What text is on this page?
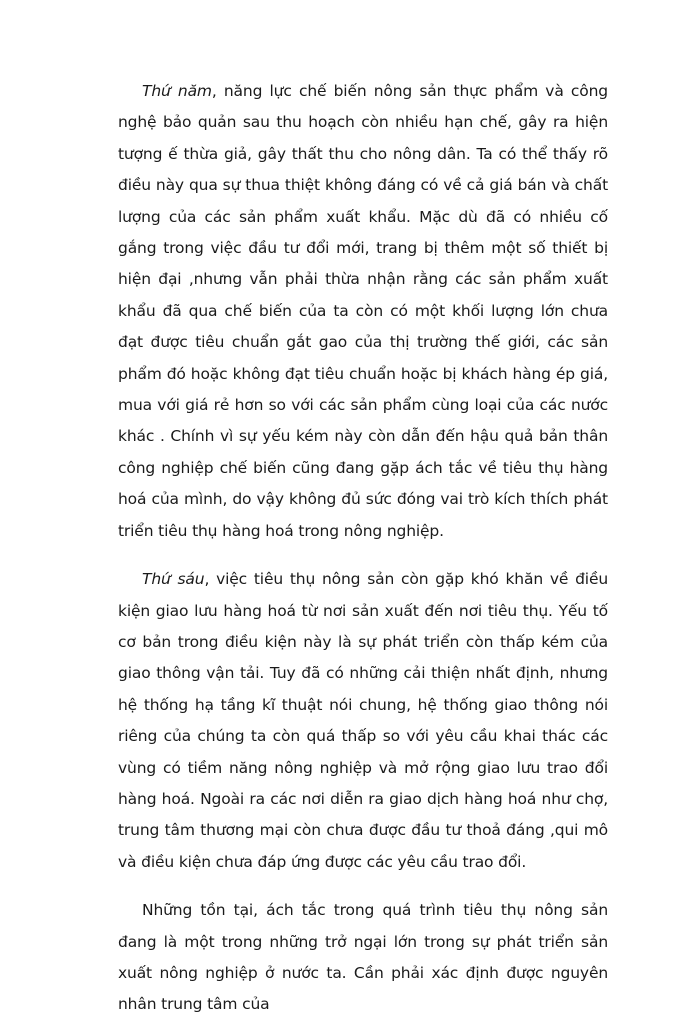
Thứ năm, năng lực chế biến nông sản thực phẩm và công nghệ bảo quản sau thu hoạch còn nhiều hạn chế, gây ra hiện tượng ế thừa giả, gây thất thu cho nông dân. Ta có thể thấy rõ điều này qua sự thua thiệt không đáng có về cả giá bán và chất lượng của các sản phẩm xuất khẩu. Mặc dù đã có nhiều cố gắng trong việc đầu tư đổi mới, trang bị thêm một số thiết bị hiện đại ,nhưng vẫn phải thừa nhận rằng các sản phẩm xuất khẩu đã qua chế biến của ta còn có một khối lượng lớn chưa đạt được tiêu chuẩn gắt gao của thị trường thế giới, các sản phẩm đó hoặc không đạt tiêu chuẩn hoặc bị khách hàng ép giá, mua với giá rẻ hơn so với các sản phẩm cùng loại của các nước khác . Chính vì sự yếu kém này còn dẫn đến hậu quả bản thân công nghiệp chế biến cũng đang gặp ách tắc về tiêu thụ hàng hoá của mình, do vậy không đủ sức đóng vai trò kích thích phát triển tiêu thụ hàng hoá trong nông nghiệp.

Thứ sáu, việc tiêu thụ nông sản còn gặp khó khăn về điều kiện giao lưu hàng hoá từ nơi sản xuất đến nơi tiêu thụ. Yếu tố cơ bản trong điều kiện này là sự phát triển còn thấp kém của giao thông vận tải. Tuy đã có những cải thiện nhất định, nhưng hệ thống hạ tầng kĩ thuật nói chung, hệ thống giao thông nói riêng của chúng ta còn quá thấp so với yêu cầu khai thác các vùng có tiềm năng nông nghiệp và mở rộng giao lưu trao đổi hàng hoá. Ngoài ra các nơi diễn ra giao dịch hàng hoá như chợ, trung tâm thương mại còn chưa được đầu tư thoả đáng ,qui mô và điều kiện chưa đáp ứng được các yêu cầu trao đổi.

Những tồn tại, ách tắc trong quá trình tiêu thụ nông sản đang là một trong những trở ngại lớn trong sự phát triển sản xuất nông nghiệp ở nước ta. Cần phải xác định được nguyên nhân trung tâm của
